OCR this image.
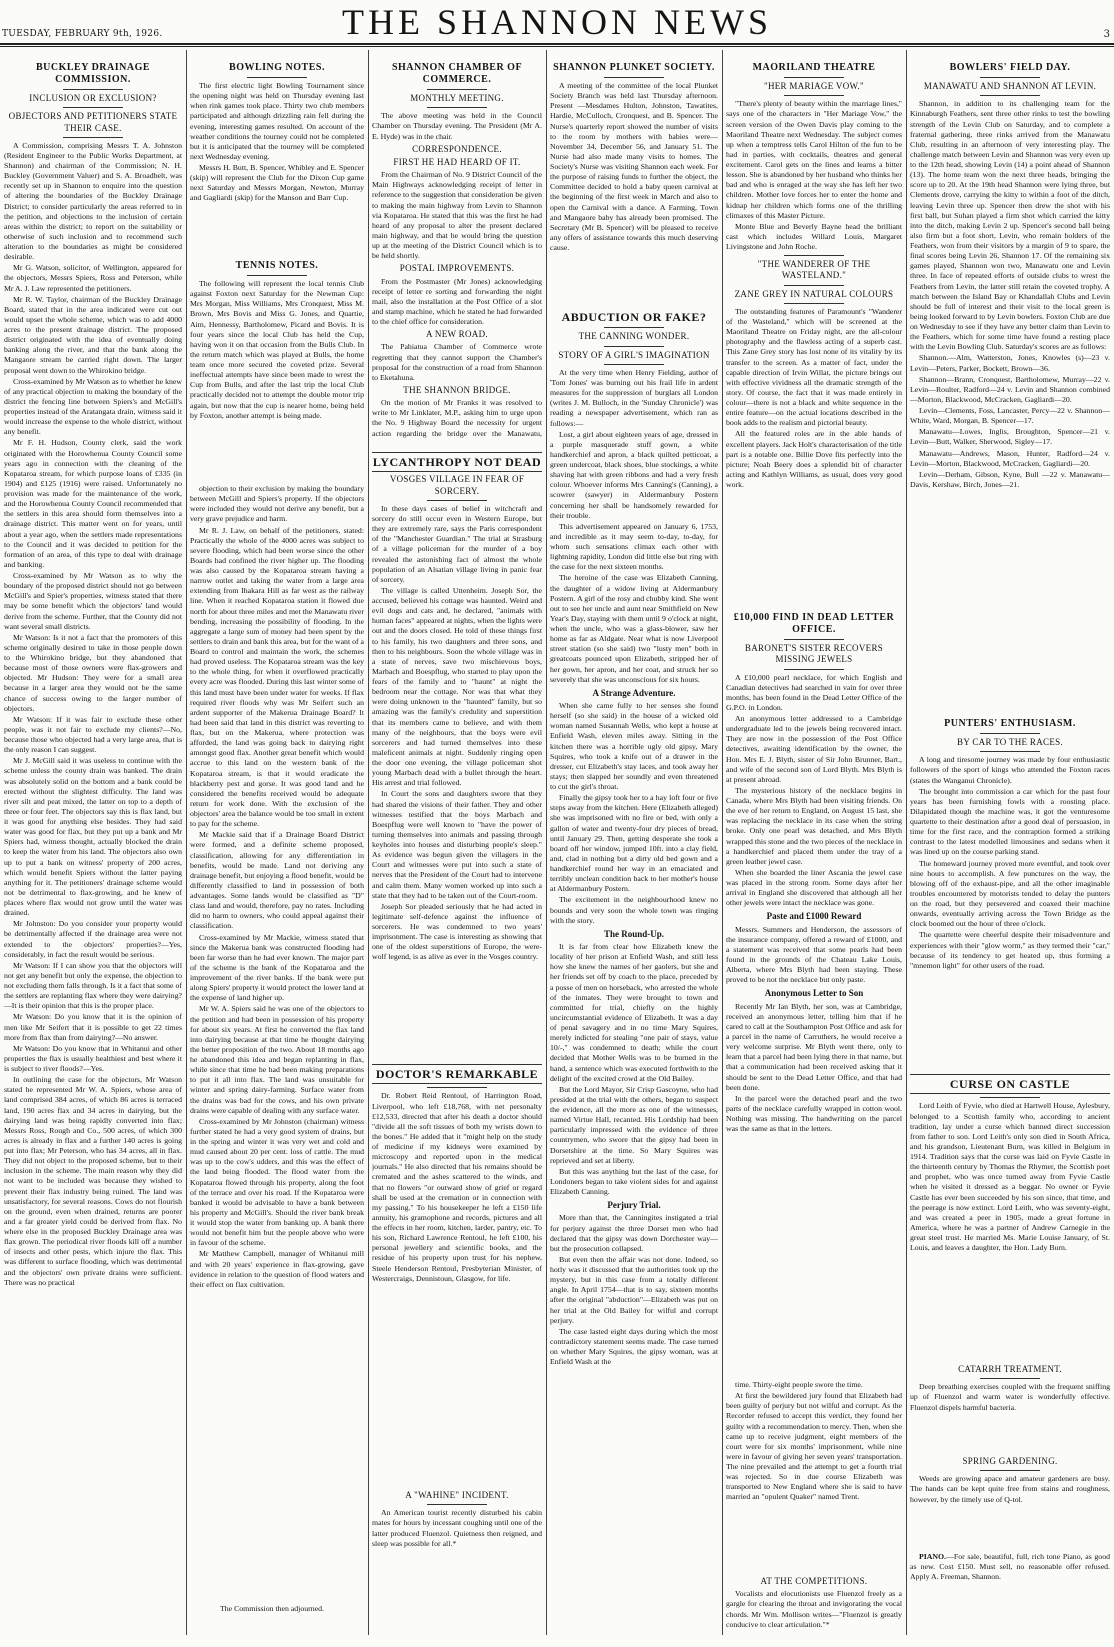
TUESDAY, FEBRUARY 9th, 1926.	THE SHANNON NEWS	3
BUCKLEY DRAINAGE COMMISSION.
INCLUSION OR EXCLUSION?
OBJECTORS AND PETITIONERS STATE THEIR CASE.

A Commission, comprising Messrs T. A. Johnston (Resident Engineer to the Public Works Department, at Shannon) and chairman of the Commission; N. H. Buckley (Government Valuer) and S. A. Broadbelt, was recently set up in Shannon to enquire into the question of altering the boundaries of the Buckley Drainage District; to consider particularly the areas referred to in the petition, and objections to the inclusion of certain areas within the district; to report on the suitability or otherwise of such inclusion and to recommend such alteration to the boundaries as might be considered desirable.

Mr G. Watson, solicitor, of Wellington, appeared for the objectors, Messrs Spiers, Ross and Peterson, while Mr A. J. Law represented the petitioners.

Mr R. W. Taylor, chairman of the Buckley Drainage Board, stated that in the area indicated were cut out would upset the whole scheme, which was to add 4000 acres to the present drainage district. The proposed district originated with the idea of eventually doing banking along the river, and that the bank along the Mangaore stream be carried right down. The larger proposal went down to the Whirokino bridge.

Cross-examined by Mr Watson as to whether he knew of any practical objection to making the boundary of the district the fencing line between Spiers's and McGill's properties instead of the Aratangata drain, witness said it would increase the expense to the whole district, without any benefit.

Mr F. H. Hudson, County clerk, said the work originated with the Horowhenua County Council some years ago in connection with the cleaning of the Kopataroa stream, for which purpose loans of £335 (in 1904) and £125 (1916) were raised. Unfortunately no provision was made for the maintenance of the work, and the Horowhenua County Council recommended that the settlers in this area should form themselves into a drainage district. This matter went on for years, until about a year ago, when the settlers made representations to the Council and it was decided to petition for the formation of an area, of this type to deal with drainage and banking.

Cross-examined by Mr Watson as to why the boundary of the proposed district should not go between McGill's and Spier's properties, witness stated that there may be some benefit which the objectors' land would derive from the scheme. Further, that the County did not want several small districts.

Mr Watson: Is it not a fact that the promoters of this scheme originally desired to take in those people down to the Whirokino bridge, but they abandoned that because most of those owners were flax-growers and objected. Mr Hudson: They were for a small area because in a larger area they would not be the same chance of success owing to the larger number of objectors.

Mr Watson: If it was fair to exclude these other people, was it not fair to exclude my clients?—No, because those who objected had a very large area, that is the only reason I can suggest.

Mr J. McGill said it was useless to continue with the scheme unless the county drain was banked. The drain was absolutely solid on the bottom and a bank could be erected without the slightest difficulty. The land was river silt and peat mixed, the latter on top to a depth of three or four feet. The objectors say this is flax land, but it was good for anything else besides. They had said water was good for flax, but they put up a bank and Mr Spiers had, witness thought, actually blocked the drain to keep the water from his land. The objectors also own up to put a bank on witness' property of 200 acres, which would benefit Spiers without the latter paying anything for it. The petitioners' drainage scheme would not be detrimental to flax-growing, and he knew of places where flax would not grow until the water was drained.

Mr Johnston: Do you consider your property would be detrimentally affected if the drainage area were not extended to the objectors' properties?—Yes, considerably, in fact the result would be serious.

Mr Watson: If I can show you that the objectors will not get any benefit but only the expense, the objection to not excluding them falls through. Is it a fact that some of the settlers are replanting flax where they were dairying?—It is their opinion that this is the proper place.

Mr Watson: Do you know that it is the opinion of men like Mr Seifert that it is possible to get 22 times more from flax than from dairying?—No answer.

Mr Watson: Do you know that in Whitanui and other properties the flax is usually healthiest and best where it is subject to river floods?—Yes.

In outlining the case for the objectors, Mr Watson stated he represented Mr W. A. Spiers, whose area of land comprised 384 acres, of which 86 acres is terraced land, 190 acres flax and 34 acres in dairying, but the dairying land was being rapidly converted into flax; Messrs Ross, Rough and Co., 500 acres, of which 300 acres is already in flax and a further 140 acres is going put into flax; Mr Peterson, who has 34 acres, all in flax. They did not object to the proposed scheme, but to their inclusion in the scheme. The main reason why they did not want to be included was because they wished to prevent their flax industry being ruined. The land was unsatisfactory, for several reasons. Cows do not flourish on the ground, even when drained, returns are poorer and a far greater yield could be derived from flax. No where else in the proposed Buckley Drainage area was flax grown. The periodical river floods kill off a number of insects and other pests, which injure the flax. This was different to surface flooding, which was detrimental and the objectors' own private drains were sufficient. There was no practical

BOWLING NOTES.

The first electric light Bowling Tournament since the opening night was held on Thursday evening last when rink games took place. Thirty two club members participated and although drizzling rain fell during the evening, interesting games resulted. On account of the weather conditions the tourney could not be completed but it is anticipated that the tourney will be completed next Wednesday evening.

Messrs H. Butt, B. Spencer, Whibley and E. Spencer (skip) will represent the Club for the Dixon Cup game next Saturday and Messrs Morgan, Newton, Murray and Gagliardi (skip) for the Manson and Barr Cup.

TENNIS NOTES.

The following will represent the local tennis Club against Foxton next Saturday for the Newman Cup: Mrs Morgan, Miss Williams, Mrs Cronquest, Miss M. Brown, Mrs Bovis and Miss G. Jones, and Quartie, Aim, Hennessy, Bartholomew, Picard and Bovis. It is four years since the local Club has held the Cup, having won it on that occasion from the Bulls Club. In the return match which was played at Bulls, the home team once more secured the coveted prize. Several ineffectual attempts have since been made to wrest the Cup from Bulls, and after the last trip the local Club practically decided not to attempt the double motor trip again, but now that the cup is nearer home, being held by Foxton, another attempt is being made.

objection to their exclusion by making the boundary between McGill and Spiers's property. If the objectors were included they would not derive any benefit, but a very grave prejudice and harm.

Mr R. J. Law, on behalf of the petitioners, stated: Practically the whole of the 4000 acres was subject to severe flooding, which had been worse since the other Boards had confined the river higher up. The flooding was also caused by the Kopataroa stream having a narrow outlet and taking the water from a large area extending from Ihakara Hill as far west as the railway line. When it reached Kopataroa station it flowed due north for about three miles and met the Manawatu river bending, increasing the possibility of flooding. In the aggregate a large sum of money had been spent by the settlers to drain and bank this area, but for the want of a Board to control and maintain the work, the schemes had proved useless. The Kopataroa stream was the key to the whole thing, for when it overflowed practically every acre was flooded. During this last winter some of this land must have been under water for weeks. If flax required river floods why was Mr Seifert such an ardent supporter of the Makerua Drainage Board? It had been said that land in this district was reverting to flax, but on the Makerua, where protection was afforded, the land was going back to dairying right amongst good flax. Another great benefit which would accrue to this land on the western bank of the Kopataroa stream, is that it would eradicate the blackberry pest and gorse. It was good land and he considered the benefits received would be adequate return for work done. With the exclusion of the objectors' area the balance would be too small in extent to pay for the scheme.

Mr Mackie said that if a Drainage Board District were formed, and a definite scheme proposed, classification, allowing for any differentiation in benefits, would be made. Land not deriving any drainage benefit, but enjoying a flood benefit, would be differently classified to land in possession of both advantages. Some lands would be classified as "D" class land and would, therefore, pay no rates. Including did no harm to owners, who could appeal against their classification.

Cross-examined by Mr Mackie, witness stated that since the Makerua bank was constructed flooding had been far worse than he had ever known. The major part of the scheme is the bank of the Kopataroa and the improvement of the river banks. If the bank were put along Spiers' property it would protect the lower land at the expense of land higher up.

Mr W. A. Spiers said he was one of the objectors to the petition and had been in possession of his property for about six years. At first he converted the flax land into dairying because at that time he thought dairying the better proposition of the two. About 18 months ago he abandoned this idea and began replanting in flax, while since that time he had been making preparations to put it all into flax. The land was unsuitable for winter and spring dairy-farming. Surface water from the drains was bad for the cows, and his own private drains were capable of dealing with any surface water.

Cross-examined by Mr Johnston (chairman) witness further stated he had a very good system of drains, but in the spring and winter it was very wet and cold and mud caused about 20 per cent. loss of cattle. The mud was up to the cow's udders, and this was the effect of the land being flooded. The flood water from the Kopataroa flowed through his property, along the foot of the terrace and over his road. If the Kopataroa were banked it would be advisable to have a bank between his property and McGill's. Should the river bank break it would stop the water from banking up. A bank there would not benefit him but the people above who were in favour of the scheme.

Mr Matthew Campbell, manager of Whitanui mill and with 20 years' experience in flax-growing, gave evidence in relation to the question of flood waters and their effect on flax cultivation.

SHANNON CHAMBER OF COMMERCE.
MONTHLY MEETING.

The above meeting was held in the Council Chamber on Thursday evening. The President (Mr A. E. Hyde) was in the chair.

CORRESPONDENCE.
FIRST HE HAD HEARD OF IT.

From the Chairman of No. 9 District Council of the Main Highways acknowledging receipt of letter in reference to the suggestion that consideration be given to making the main highway from Levin to Shannon via Kopataroa. He stated that this was the first he had heard of any proposal to alter the present declared main highway, and that he would bring the question up at the meeting of the District Council which is to be held shortly.

POSTAL IMPROVEMENTS.

From the Postmaster (Mr Jones) acknowledging receipt of letter re sorting and forwarding the night mail, also the installation at the Post Office of a slot and stamp machine, which he stated he had forwarded to the chief office for consideration.

A NEW ROAD.

The Pahiatua Chamber of Commerce wrote regretting that they cannot support the Chamber's proposal for the construction of a road from Shannon to Eketahuna.

THE SHANNON BRIDGE.

On the motion of Mr Franks it was resolved to write to Mr Linklater, M.P., asking him to urge upon the No. 9 Highway Board the necessity for urgent action regarding the bridge over the Manawatu,

LYCANTHROPY NOT DEAD
VOSGES VILLAGE IN FEAR OF SORCERY.

In these days cases of belief in witchcraft and sorcery do still occur even in Western Europe, but they are extremely rare, says the Paris correspondent of the "Manchester Guardian." The trial at Strasburg of a village policeman for the murder of a boy revealed the astonishing fact of almost the whole population of an Alsatian village living in panic fear of sorcery.

The village is called Uttenheim. Joseph Sor, the accused, believed his cottage was haunted. Weird and evil dogs and cats and, he declared, "animals with human faces" appeared at nights, when the lights were out and the doors closed. He told of these things first to his family, his two daughters and three sons, and then to his neighbours. Soon the whole village was in a state of nerves, save two mischievous boys, Marbach and Boespflug, who started to play upon the fears of the family and to "haunt" at night the bedroom near the cottage. Nor was that what they were doing unknown to the "haunted" family, but so amazing was the family's credulity and superstition that its members came to believe, and with them many of the neighbours, that the boys were evil sorcerers and had turned themselves into these maleficent animals at night. Suddenly ringing open the door one evening, the village policeman shot young Marbach dead with a bullet through the heart. His arrest and trial followed.

In Court the sons and daughters swore that they had shared the visions of their father. They and other witnesses testified that the boys Marbach and Boespflug were well known to "have the power of turning themselves into animals and passing through keyholes into houses and disturbing people's sleep." As evidence was begun given the villagers in the Court and witnesses were put into such a state of nerves that the President of the Court had to intervene and calm them. Many women worked up into such a state that they had to be taken out of the Court-room.

Joseph Sor pleaded seriously that he had acted in legitimate self-defence against the influence of sorcerers. He was condemned to two years' imprisonment. The case is interesting as showing that one of the oldest superstitions of Europe, the were-wolf legend, is as alive as ever in the Vosges country.

DOCTOR'S REMARKABLE

Dr. Robert Reid Rentoul, of Harrington Road, Liverpool, who left £18,768, with net personalty £12,533, directed that after his death a doctor should "divide all the soft tissues of both my wrists down to the bones." He added that it "might help on the study of medicine if my kidneys were examined by microscopy and reported upon in the medical journals." He also directed that his remains should be cremated and the ashes scattered to the winds, and that no flowers "or outward show of grief or regard shall be used at the cremation or in connection with my passing." To his housekeeper he left a £150 life annuity, his gramophone and records, pictures and all the effects in her room, kitchen, larder, pantry, etc. To his son, Richard Lawrence Rentoul, he left £100, his personal jewellery and scientific books, and the residue of his property upon trust for his nephew, Steele Henderson Rentoul, Presbyterian Minister, of Westercraigs, Dennistoun, Glasgow, for life.

A "WAHINE" INCIDENT.

An American tourist recently disturbed his cabin mates for hours by incessant coughing until one of the latter produced Fluenzol. Quietness then reigned, and sleep was possible for all.*

The Commission then adjourned.

SHANNON PLUNKET SOCIETY.

A meeting of the committee of the local Plunket Society Branch was held last Thursday afternoon. Present —Mesdames Hulton, Johnston, Tawatites, Hardie, McCulloch, Cronquest, and B. Spencer. The Nurse's quarterly report showed the number of visits to the room by mothers with babies were—November 34, December 56, and January 51. The Nurse had also made many visits to homes. The Society's Nurse was visiting Shannon each week. For the purpose of raising funds to further the object, the Committee decided to hold a baby queen carnival at the beginning of the first week in March and also to open the Carnival with a dance. A Farming, Town and Mangaore baby has already been promised. The Secretary (Mr B. Spencer) will be pleased to receive any offers of assistance towards this much deserving cause.

ABDUCTION OR FAKE?
THE CANNING WONDER.
STORY OF A GIRL'S IMAGINATION

At the very time when Henry Fielding, author of 'Tom Jones' was burning out his frail life in ardent measures for the suppression of burglars all London (writes J. M. Bulloch, in the 'Sunday Chronicle') was reading a newspaper advertisement, which ran as follows:—

Lost, a girl about eighteen years of age, dressed in a purple masquerade stuff gown, a white handkerchief and apron, a black quilted petticoat, a green undercoat, black shoes, blue stockings, a white shaving hat with green ribbons and had a very fresh colour. Whoever informs Mrs Canning's (Canning), a scowrer (sawyer) in Aldermanbury Postern concerning her shall be handsomely rewarded for their trouble.

This advertisement appeared on January 6, 1753, and incredible as it may seem to-day, to-day, for whom such sensations climax each other with lightning rapidity, London did little else but ring with the case for the next sixteen months.

The heroine of the case was Elizabeth Canning, the daughter of a widow living at Aldermanbury Postern. A girl of the rosy and chubby kind. She went out to see her uncle and aunt near Smithfield on New Year's Day, staying with them until 9 o'clock at night, when the uncle, who was a glass-blower, saw her home as far as Aldgate. Near what is now Liverpool street station (so she said) two "lusty men" both in greatcoats pounced upon Elizabeth, stripped her of her gown, her apron, and her coat, and struck her so severely that she was unconscious for six hours.

A Strange Adventure.

When she came fully to her senses she found herself (so she said) in the house of a wicked old woman named Susannah Wells, who kept a house at Enfield Wash, eleven miles away. Sitting in the kitchen there was a horrible ugly old gipsy, Mary Squires, who took a knife out of a drawer in the dresser, cut Elizabeth's stay laces, and took away her stays; then slapped her soundly and even threatened to cut the girl's throat.

Finally the gipsy took her to a hay loft four or five steps away from the kitchen. Here (Elizabeth alleged) she was imprisoned with no fire or bed, with only a gallon of water and twenty-four dry pieces of bread, until January 29. Then, getting desperate she took a board off her window, jumped 10ft. into a clay field, and, clad in nothing but a dirty old bed gown and a handkerchief round her way in an emaciated and terribly unclean condition back to her mother's house at Aldermanbury Postern.

The excitement in the neighbourhood knew no bounds and very soon the whole town was ringing with the story.

The Round-Up.

It is far from clear how Elizabeth knew the locality of her prison at Enfield Wash, and still less how she knew the names of her gaolers, but she and her friends set off by coach to the place, preceded by a posse of men on horseback, who arrested the whole of the inmates. They were brought to town and committed for trial, chiefly on the highly uncircumstantial evidence of Elizabeth. It was a day of penal savagery and in no time Mary Squires, merely indicted for stealing "one pair of stays, value 10/-," was condemned to death; while the court decided that Mother Wells was to be burned in the hand, a sentence which was executed forthwith to the delight of the excited crowd at the Old Bailey.

But the Lord Mayor, Sir Crisp Gascoyne, who had presided at the trial with the others, began to suspect the evidence, all the more as one of the witnesses, named Virtue Hall, recanted. His Lordship had been particularly impressed with the evidence of three countrymen, who swore that the gipsy had been in Dorsetshire at the time. So Mary Squires was reprieved and set at liberty.

But this was anything but the last of the case, for Londoners began to take violent sides for and against Elizabeth Canning.

Perjury Trial.

More than that, the Canningites instigated a trial for perjury against the three Dorset men who had declared that the gipsy was down Dorchester way—but the prosecution collapsed.

But even then the affair was not done. Indeed, so hotly was it discussed that the authorities took up the mystery, but in this case from a totally different angle. In April 1754—that is to say, sixteen months after the original "abduction"—Elizabeth was put on her trial at the Old Bailey for wilful and corrupt perjury.

The case lasted eight days during which the most contradictory statement seems made. The case turned on whether Mary Squires, the gipsy woman, was at Enfield Wash at the

MAORILAND THEATRE
"HER MARIAGE VOW."

"There's plenty of beauty within the marriage lines," says one of the characters in "Her Mariage Vow," the screen version of the Owen Davis play coming to the Maoriland Theatre next Wednesday. The subject comes up when a temptress tells Carol Hilton of the fun to be had in parties, with cocktails, theatres and general excitement. Carol gets on the lines and learns a bitter lesson. She is abandoned by her husband who thinks her bad and who is enraged at the way she has left her two children. Mother love forces her to enter the home and kidnap her children which forms one of the thrilling climaxes of this Master Picture.

Monte Blue and Beverly Bayne head the brilliant cast which includes Willard Louis, Margaret Livingstone and John Roche.

"THE WANDERER OF THE WASTELAND."
ZANE GREY IN NATURAL COLOURS

The outstanding features of Paramount's "Wanderer of the Wasteland," which will be screened at the Maoriland Theatre on Friday night, are the all-colour photography and the flawless acting of a superb cast. This Zane Grey story has lost none of its vitality by its transfer to the screen. As a matter of fact, under the capable direction of Irvin Willat, the picture brings out with effective vividness all the dramatic strength of the story. Of course, the fact that it was made entirely in colour—there is not a black and white sequence in the entire feature—on the actual locations described in the book adds to the realism and pictorial beauty.

All the featured roles are in the able hands of excellent players. Jack Holt's characterisation of the title part is a notable one. Billie Dove fits perfectly into the picture; Noah Beery does a splendid bit of character acting and Kathlyn Williams, as usual, does very good work.

£10,000 FIND IN DEAD LETTER OFFICE.
BARONET'S SISTER RECOVERS MISSING JEWELS

A £10,000 pearl necklace, for which English and Canadian detectives had searched in vain for over three months, has been found in the Dead Letter Office of the G.P.O. in London.

An anonymous letter addressed to a Cambridge undergraduate led to the jewels being recovered intact. They are now in the possession of the Post Office detectives, awaiting identification by the owner, the Hon. Mrs E. J. Blyth, sister of Sir John Brunner, Bart., and wife of the second son of Lord Blyth. Mrs Blyth is at present abroad.

The mysterious history of the necklace begins in Canada, where Mrs Blyth had been visiting friends. On the eve of her return to England, on August 15 last, she was replacing the necklace in its case when the string broke. Only one pearl was detached, and Mrs Blyth wrapped this stone and the two pieces of the necklace in a handkerchief and placed them under the tray of a green leather jewel case.

When she boarded the liner Ascania the jewel case was placed in the strong room. Some days after her arrival in England she discovered that although all her other jewels were intact the necklace was gone.

Paste and £1000 Reward

Messrs. Summers and Henderson, the assessors of the insurance company, offered a reward of £1000, and a statement was received that some pearls had been found in the grounds of the Chateau Lake Louis, Alberta, where Mrs Blyth had been staying. These proved to be not the necklace but only paste.

Anonymous Letter to Son

Recently Mr Ian Blyth, her son, was at Cambridge, received an anonymous letter, telling him that if he cared to call at the Southampton Post Office and ask for a parcel in the name of Carruthers, he would receive a very welcome surprise. Mr Blyth went there, only to learn that a parcel had been lying there in that name, but that a communication had been received asking that it should be sent to the Dead Letter Office, and that had been done.

In the parcel were the detached pearl and the two parts of the necklace carefully wrapped in cotton wool. Nothing was missing. The handwriting on the parcel was the same as that in the letters.

time. Thirty-eight people swore the time.

At first the bewildered jury found that Elizabeth had been guilty of perjury but not wilful and corrupt. As the Recorder refused to accept this verdict, they found her guilty with a recommendation to mercy. Then, when she came up to receive judgment, eight members of the court were for six months' imprisonment, while nine were in favour of giving her seven years' transportation. The nine prevailed and the attempt to get a fourth trial was rejected. So in due course Elizabeth was transported to New England where she is said to have married an "opulent Quaker" named Trent.

AT THE COMPETITIONS.

Vocalists and elocutionists use Fluenzol freely as a gargle for clearing the throat and invigorating the vocal chords. Mr Wm. Mollison writes—"Fluenzol is greatly conducive to clear articulation."*

BOWLERS' FIELD DAY.
MANAWATU AND SHANNON AT LEVIN.

Shannon, in addition to its challenging team for the Kinnaburgh Feathers, sent three other rinks to test the bowling strength of the Levin Club on Saturday, and to complete a fraternal gathering, three rinks arrived from the Manawatu Club, resulting in an afternoon of very interesting play. The challenge match between Levin and Shannon was very even up to the 12th head, showing Levin (14) a point ahead of Shannon (13). The home team won the next three heads, bringing the score up to 20. At the 19th head Shannon were lying three, but Clements drove, carrying the kitty to within a foot of the ditch, leaving Levin three up. Spencer then drew the shot with his first ball, but Suhan played a firm shot which carried the kitty into the ditch, making Levin 2 up. Spencer's second ball being also firm but a foot short, Levin, who remain holders of the Feathers, won from their visitors by a margin of 9 to spare, the final scores being Levin 26, Shannon 17. Of the remaining six games played, Shannon won two, Manawatu one and Levin three. In face of repeated efforts of outside clubs to wrest the Feathers from Levin, the latter still retain the coveted trophy. A match between the Island Bay or Khandallah Clubs and Levin should be full of interest and their visit to the local green is being looked forward to by Levin bowlers. Foxton Club are due on Wednesday to see if they have any better claim than Levin to the Feathers, which for some time have found a resting place with the Levin Bowling Club. Saturday's scores are as follows:

Shannon.—Alm, Watterston, Jones, Knowles (s)—23 v. Levin—Peters, Parker, Bockett, Brown—36.

Shannon—Brann, Cronquest, Bartholomew, Murray—22 v. Levin—Roulter, Radford—24 v. Levin and Shannon combined—Morton, Blackwood, McCracken, Gagliardi—20.

Levin—Clements, Foss, Lancaster, Percy—22 v. Shannon—White, Ward, Morgan, B. Spencer—17.

Manawatu—Lowes, Inglis, Broughton, Spencer—21 v. Levin—Butt, Walker, Sherwood, Sigley—17.

Manawatu—Andrews, Mason, Hunter, Radford—24 v. Levin—Morton, Blackwood, McCracken, Gagliardi—20.

Levin—Derham, Gibson, Kyne, Bull —22 v. Manawatu—Davis, Kershaw, Birch, Jones—21.

PUNTERS' ENTHUSIASM.
BY CAR TO THE RACES.

A long and tiresome journey was made by four enthusiastic followers of the sport of kings who attended the Foxton races (states the Wanganui Chronicle).

The brought into commission a car which for the past four years has been furnishing fowls with a roosting place. Dilapidated though the machine was, it got the venturesome quartette to their destination after a good deal of persuasion, in time for the first race, and the contraption formed a striking contrast to the latest modelled limousines and sedans when it was lined up on the course parking stand.

The homeward journey proved more eventful, and took over nine hours to accomplish. A few punctures on the way, the blowing off of the exhaust-pipe, and all the other imaginable troubles encountered by motorists tended to delay the punters on the road, but they persevered and coaxed their machine onwards, eventually arriving across the Town Bridge as the clock boomed out the hour of three o'clock.

The quartette were cheerful despite their misadventure and experiences with their "glow worm," as they termed their "car," because of its tendency to get heated up, thus forming a "mnemon light" for other users of the road.

CURSE ON CASTLE

Lord Leith of Fyvie, who died at Hartwell House, Aylesbury, belonged to a Scottish family who, according to ancient tradition, lay under a curse which banned direct succession from father to son. Lord Leith's only son died in South Africa, and his grandson, Lieutenant Burn, was killed in Belgium in 1914. Tradition says that the curse was laid on Fyvie Castle in the thirteenth century by Thomas the Rhymer, the Scottish poet and prophet, who was once turned away from Fyvie Castle when he visited it dressed as a beggar. No owner or Fyvie Castle has ever been succeeded by his son since, that time, and the peerage is now extinct. Lord Leith, who was seventy-eight, and was created a peer in 1905, made a great fortune in America, where he was a partner of Andrew Carnegie in the great steel trust. He married Ms. Marie Louise January, of St. Louis, and leaves a daughter, the Hon. Lady Burn.

CATARRH TREATMENT.

Deep breathing exercises coupled with the frequent sniffing up of Fluenzol and warm water is wonderfully effective. Fluenzol dispels harmful bacteria.

SPRING GARDENING.

Weeds are growing apace and amateur gardeners are busy. The hands can be kept quite free from stains and roughness, however, by the timely use of Q-tol.

PIANO.—For sale, beautiful, full, rich tone Piano, as good as new. Cost £150. Must sell, no reasonable offer refused. Apply A. Freeman, Shannon.
